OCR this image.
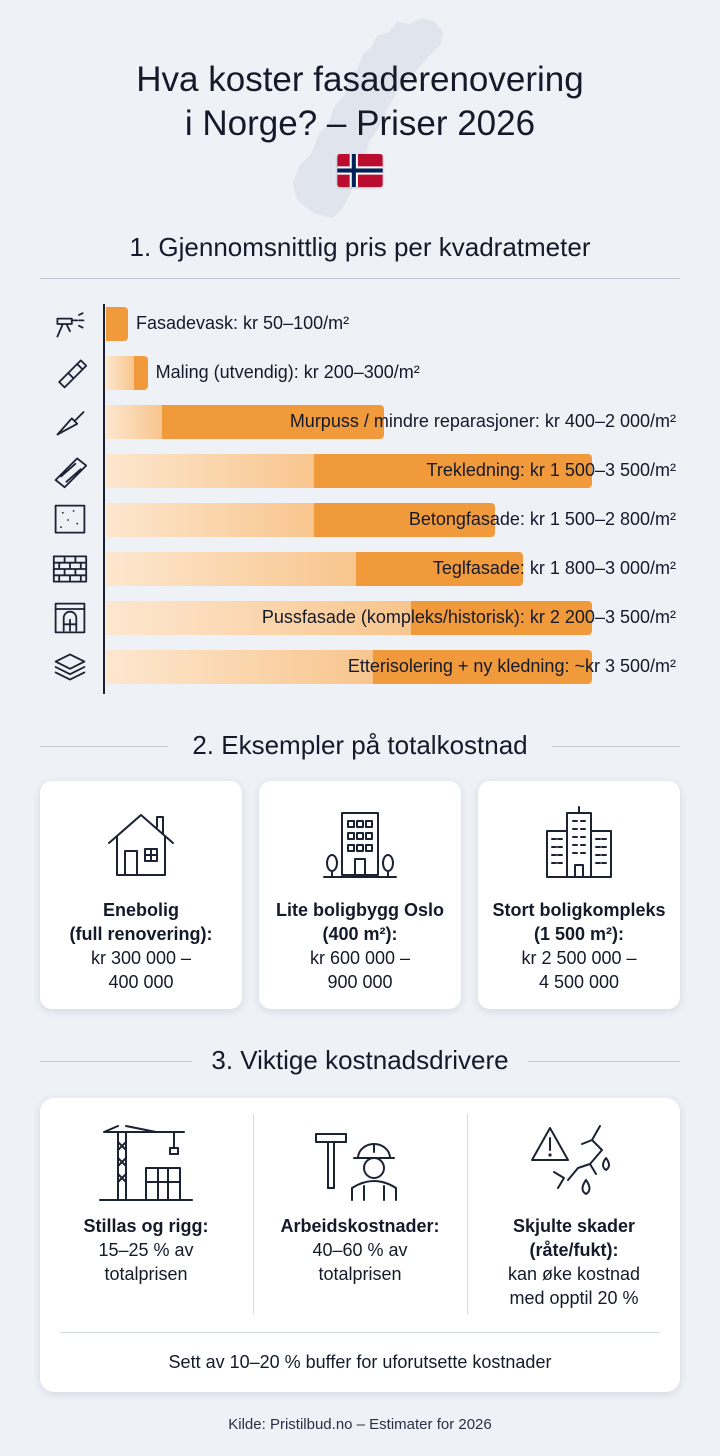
Hva koster fasaderenovering
i Norge? – Priser 2026
1. Gjennomsnittlig pris per kvadratmeter
Fasadevask: kr 50–100/m²
Maling (utvendig): kr 200–300/m²
Murpuss / mindre reparasjoner: kr 400–2 000/m²
Trekledning: kr 1 500–3 500/m²
Betongfasade: kr 1 500–2 800/m²
Teglfasade: kr 1 800–3 000/m²
Pussfasade (kompleks/historisk): kr 2 200–3 500/m²
Etterisolering + ny kledning: ~kr 3 500/m²
2. Eksempler på totalkostnad
Enebolig
(full renovering):
kr 300 000 –
400 000
Lite boligbygg Oslo
(400 m²):
kr 600 000 –
900 000
Stort boligkompleks
(1 500 m²):
kr 2 500 000 –
4 500 000
3. Viktige kostnadsdrivere
Stillas og rigg:
15–25 % av
totalprisen
Arbeidskostnader:
40–60 % av
totalprisen
Skjulte skader
(råte/fukt):
kan øke kostnad
med opptil 20 %
Sett av 10–20 % buffer for uforutsette kostnader
Kilde: Pristilbud.no – Estimater for 2026
